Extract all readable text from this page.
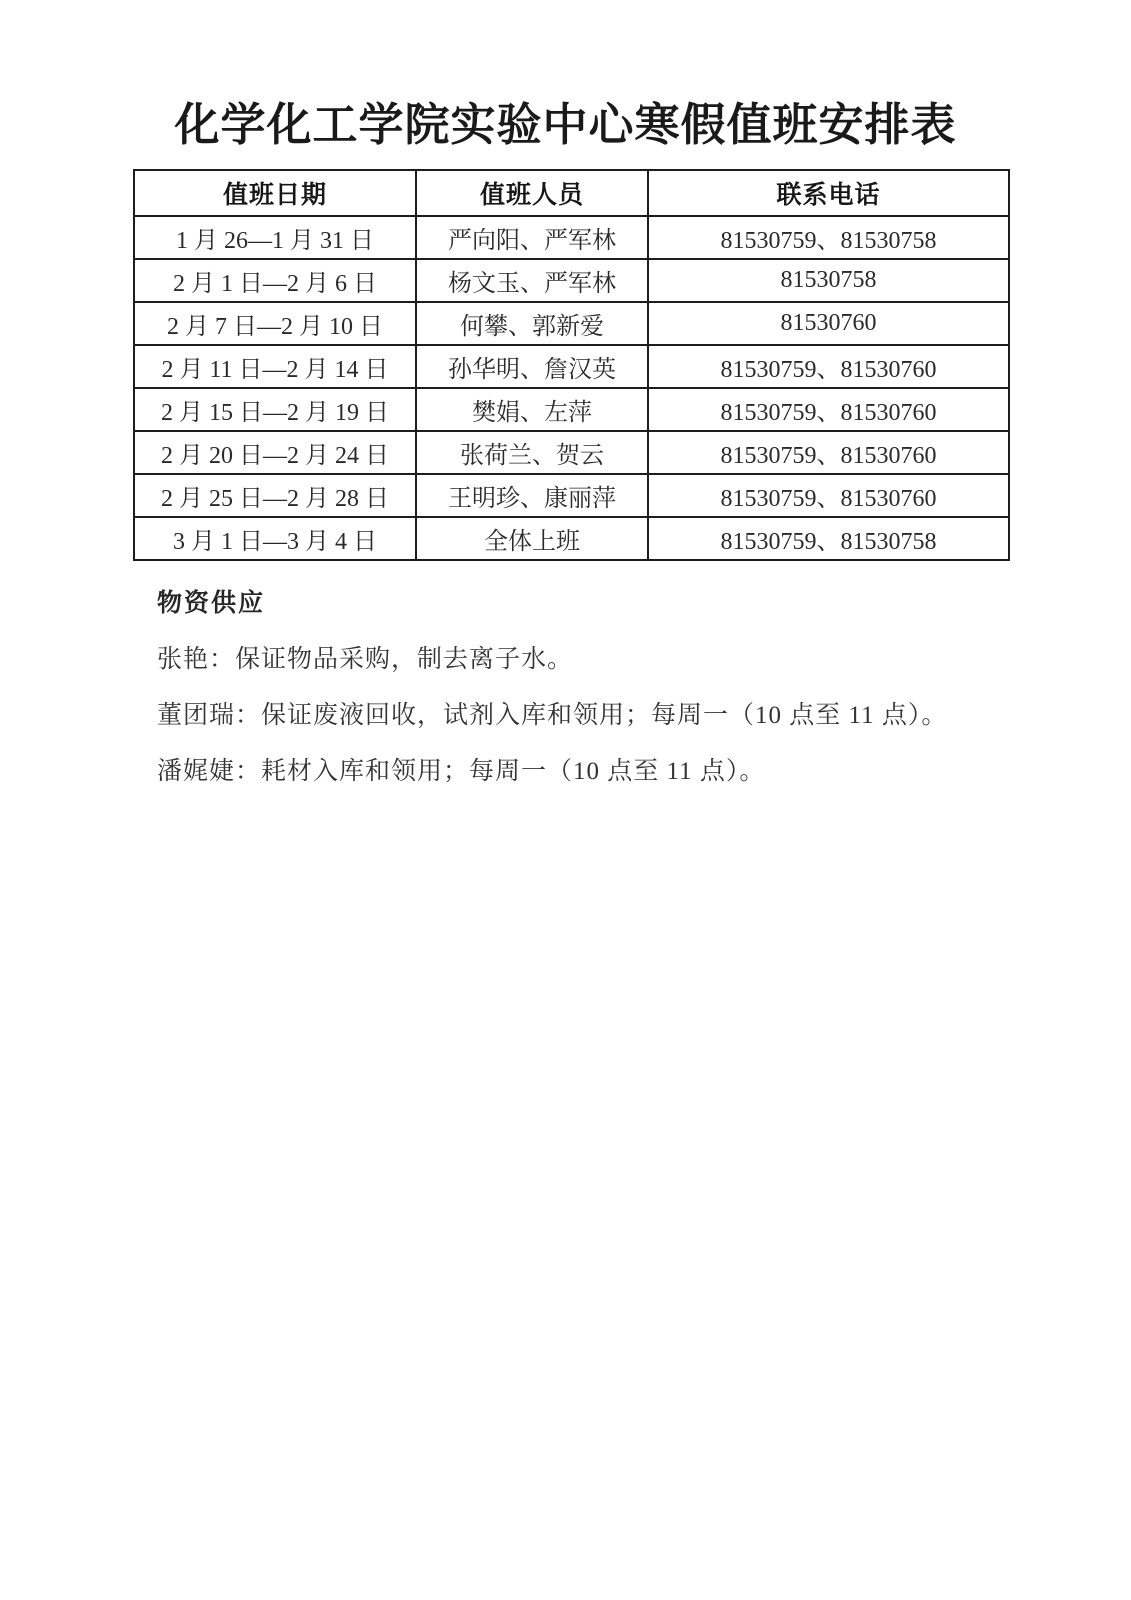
化学化工学院实验中心寒假值班安排表
值班日期	值班人员	联系电话
1 月 26—1 月 31 日	严向阳、严军林	81530759、81530758
2 月 1 日—2 月 6 日	杨文玉、严军林	81530758
2 月 7 日—2 月 10 日	何攀、郭新爱	81530760
2 月 11 日—2 月 14 日	孙华明、詹汉英	81530759、81530760
2 月 15 日—2 月 19 日	樊娟、左萍	81530759、81530760
2 月 20 日—2 月 24 日	张荷兰、贺云	81530759、81530760
2 月 25 日—2 月 28 日	王明珍、康丽萍	81530759、81530760
3 月 1 日—3 月 4 日	全体上班	81530759、81530758
物资供应
张艳：保证物品采购，制去离子水。
董团瑞：保证废液回收，试剂入库和领用；每周一（10 点至 11 点）。
潘娓婕：耗材入库和领用；每周一（10 点至 11 点）。
